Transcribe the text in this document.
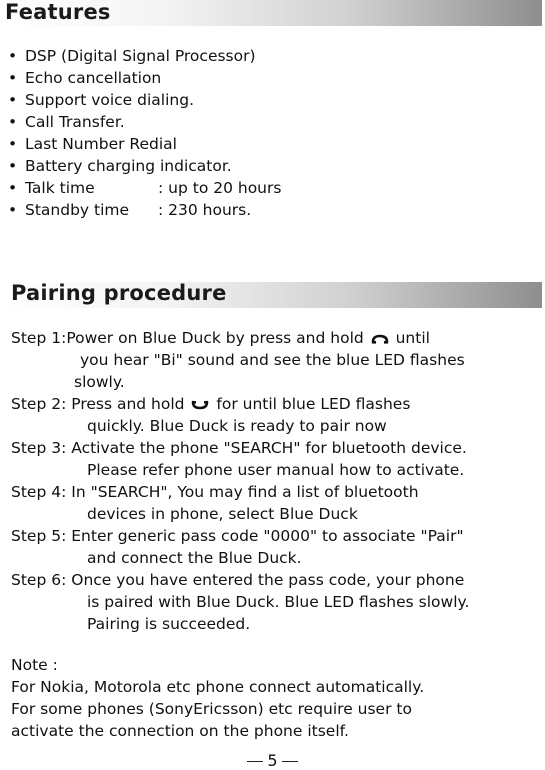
Features
• DSP (Digital Signal Processor)
• Echo cancellation
• Support voice dialing.
• Call Transfer.
• Last Number Redial
• Battery charging indicator.
• Talk time	: up to 20 hours
• Standby time : 230 hours.
Pairing procedure
Step 1:Power on Blue Duck by press and hold until
you hear "Bi" sound and see the blue LED flashes
slowly.
Step 2: Press and hold for until blue LED flashes
quickly. Blue Duck is ready to pair now
Step 3: Activate the phone "SEARCH" for bluetooth device.
Please refer phone user manual how to activate.
Step 4: In "SEARCH", You may find a list of bluetooth
devices in phone, select Blue Duck
Step 5: Enter generic pass code "0000" to associate "Pair"
and connect the Blue Duck.
Step 6: Once you have entered the pass code, your phone
is paired with Blue Duck. Blue LED flashes slowly.
Pairing is succeeded.
Note :
For Nokia, Motorola etc phone connect automatically.
For some phones (SonyEricsson) etc require user to
activate the connection on the phone itself.
5
